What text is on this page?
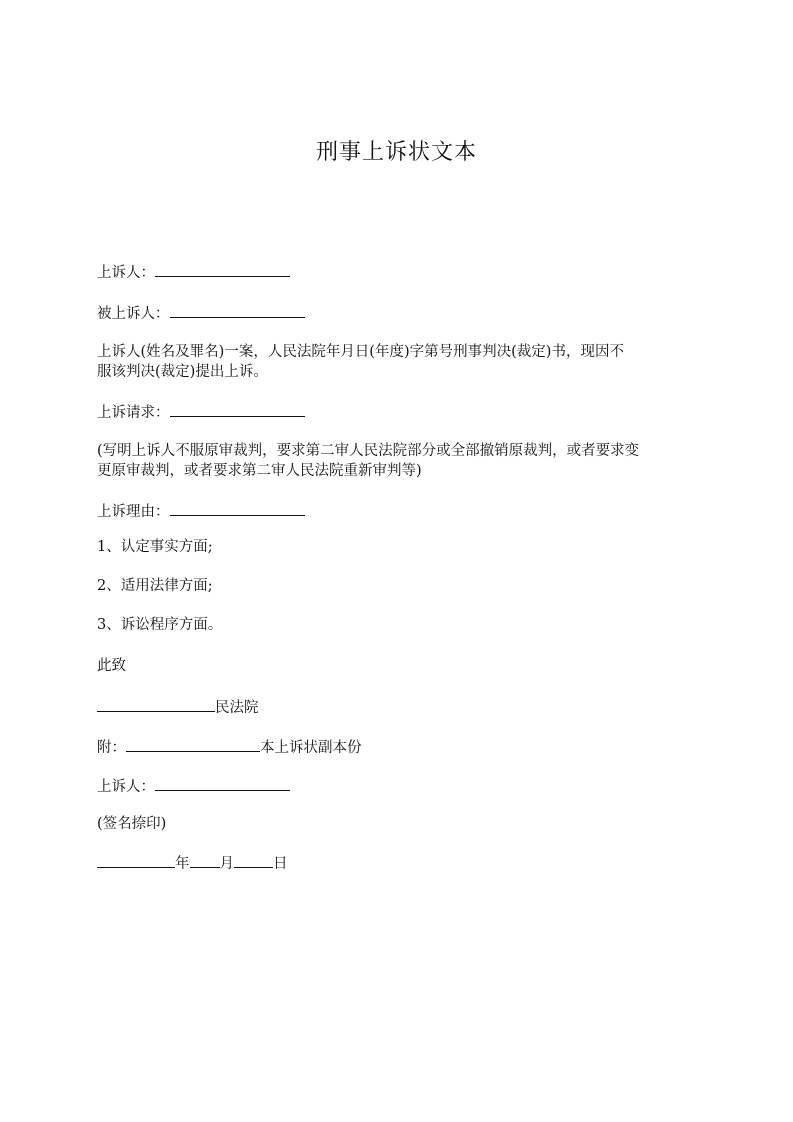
刑事上诉状文本
上诉人：
被上诉人：
上诉人(姓名及罪名)一案，人民法院年月日(年度)字第号刑事判决(裁定)书，现因不
服该判决(裁定)提出上诉。
上诉请求：
(写明上诉人不服原审裁判，要求第二审人民法院部分或全部撤销原裁判，或者要求变
更原审裁判，或者要求第二审人民法院重新审判等)
上诉理由：
1、认定事实方面;
2、适用法律方面;
3、诉讼程序方面。
此致
民法院
附：	本上诉状副本份
上诉人：
(签名捺印)
年 月	日
